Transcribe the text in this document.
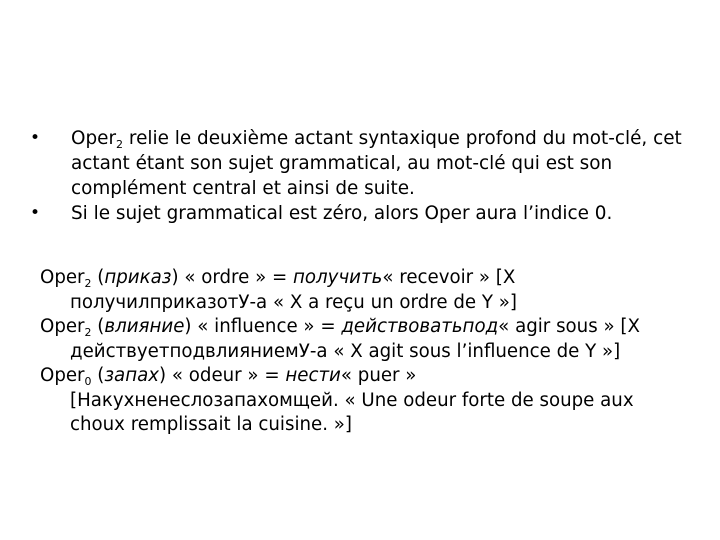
• Oper$_2$ relie le deuxième actant syntaxique profond du mot-clé, cet actant étant son sujet grammatical, au mot-clé qui est son complément central et ainsi de suite.
• Si le sujet grammatical est zéro, alors Oper aura l’indice 0.
Oper$_2$ (приказ) « ordre » = получить« recevoir » [X получилприказотУ-а « X a reçu un ordre de Y »]
Oper$_2$ (влияние) « influence » = действоватьпод« agir sous » [X действуетподвлияниемУ-а « X agit sous l’influence de Y »]
Oper$_0$ (запах) « odeur » = нести« puer » [Накухненеслозапахомщей. « Une odeur forte de soupe aux choux remplissait la cuisine. »]
